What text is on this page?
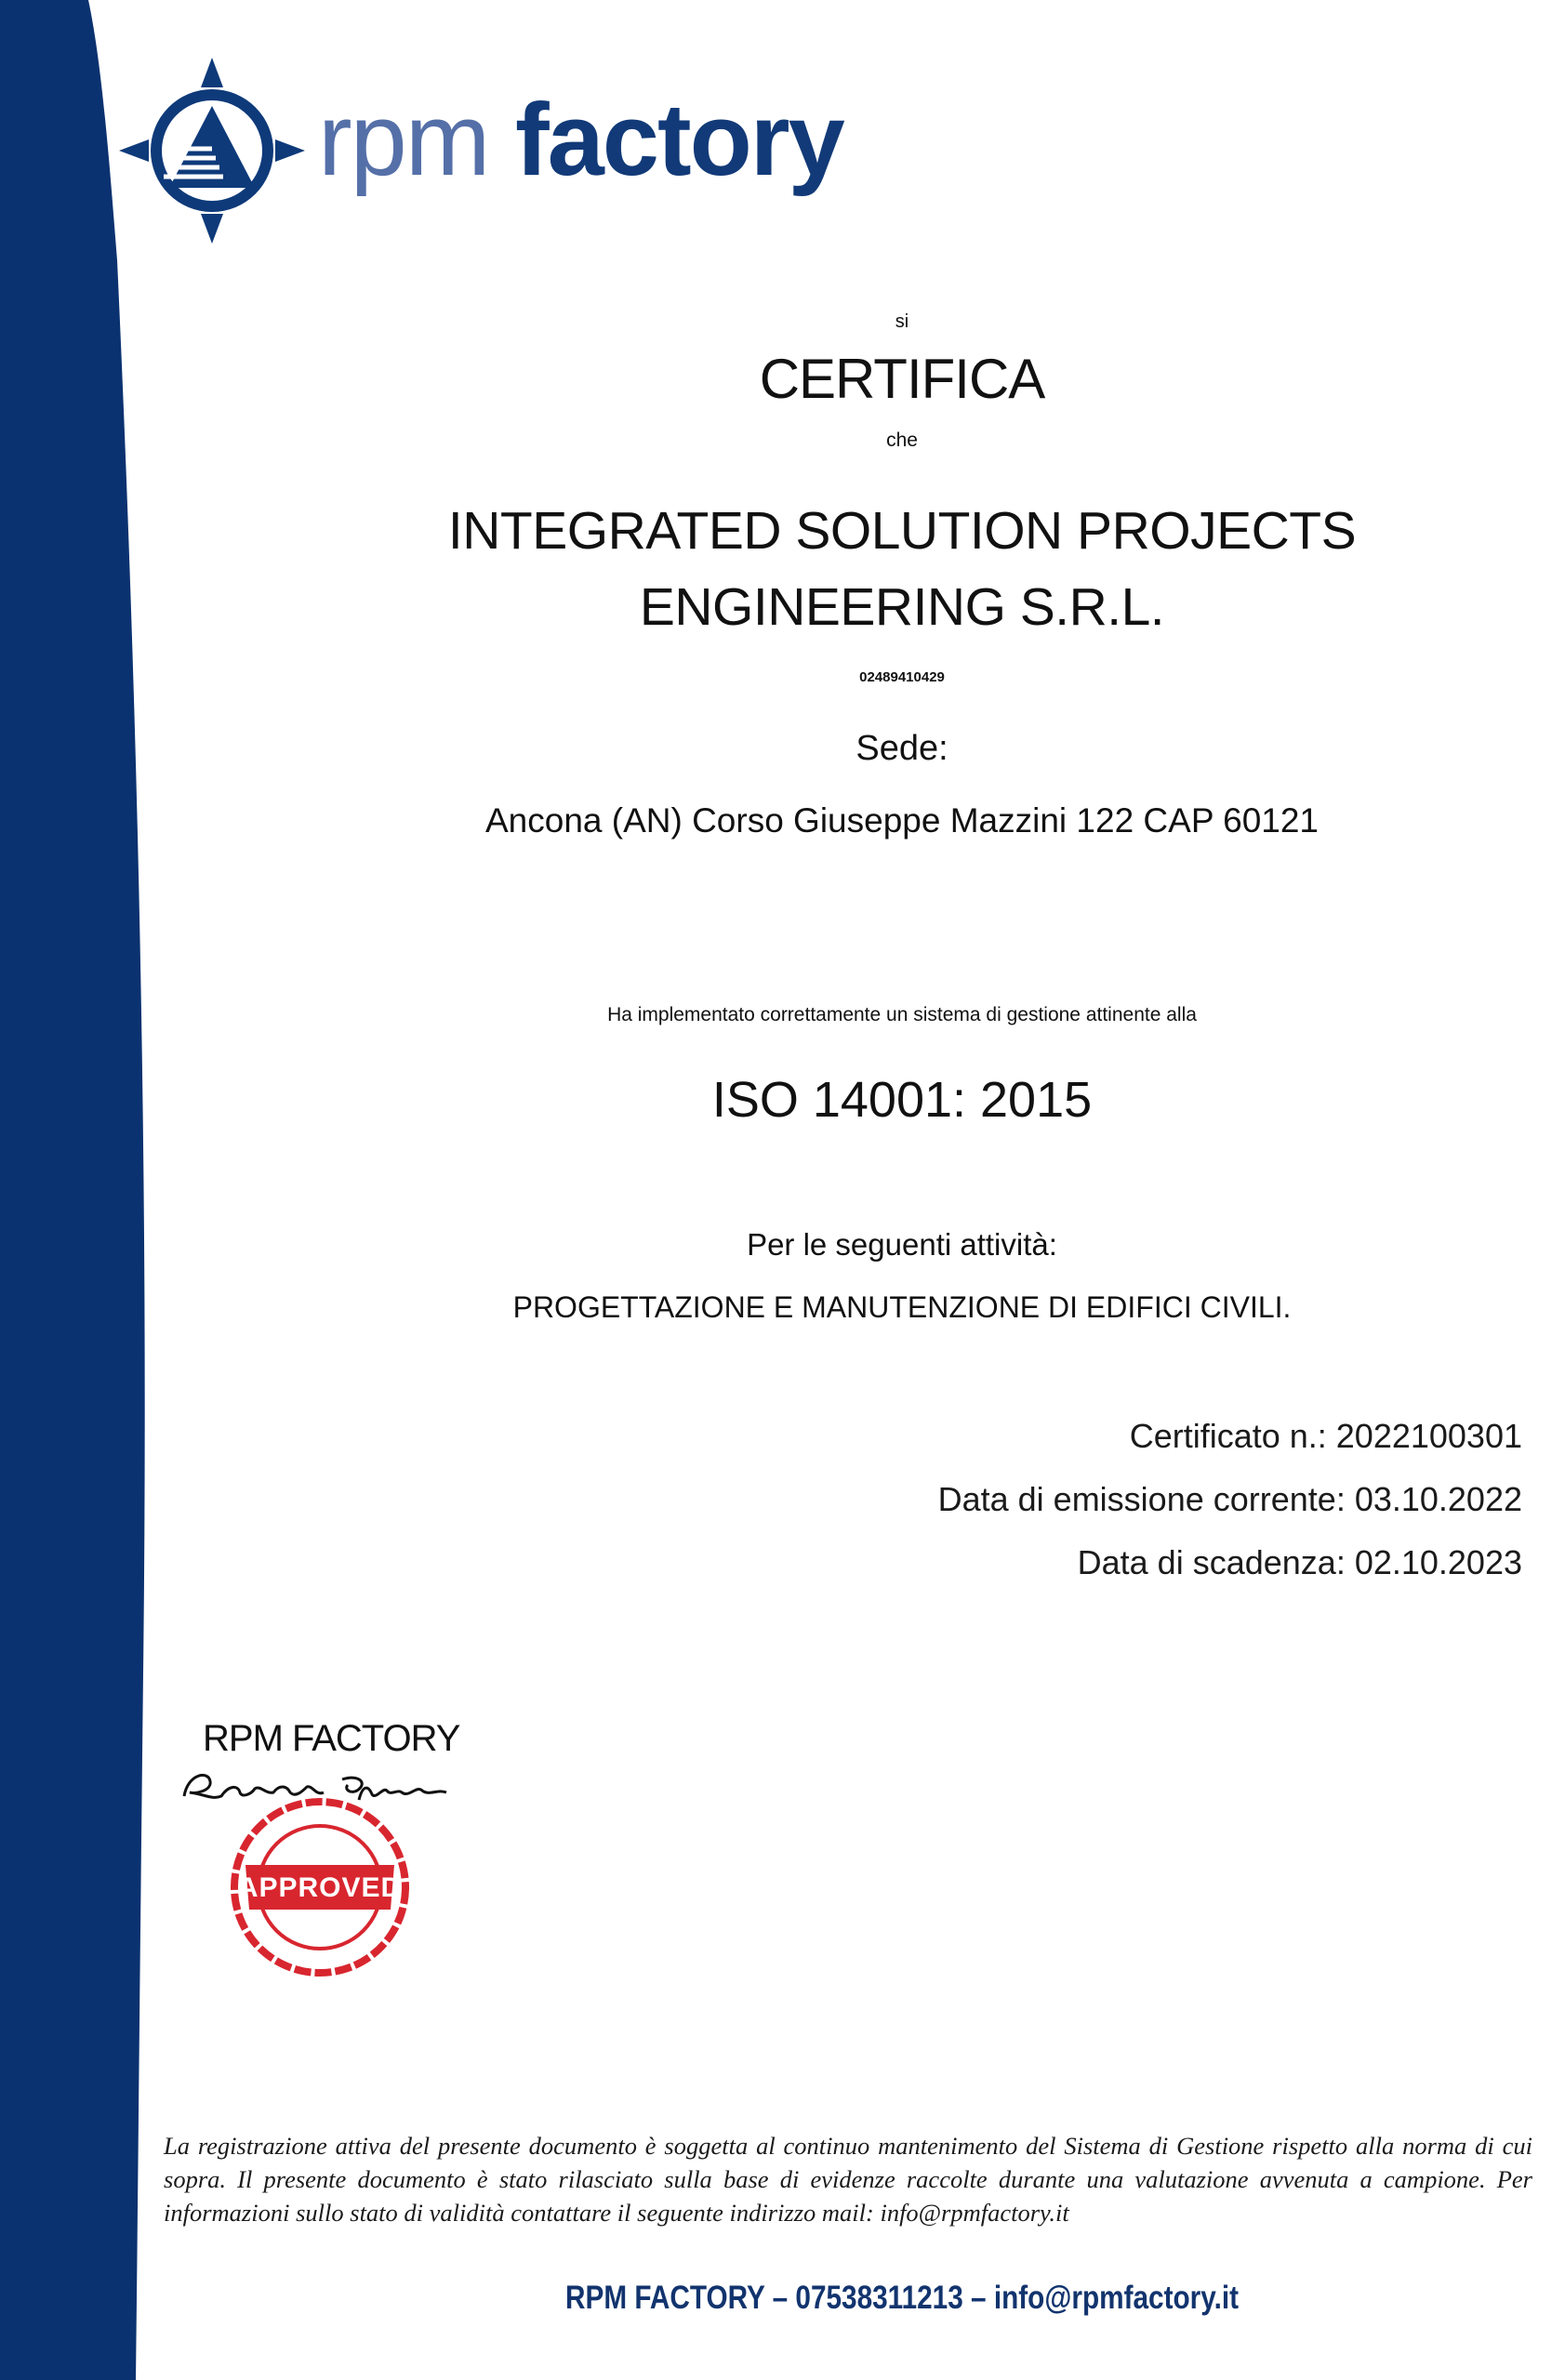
rpm factory
si
CERTIFICA
che
INTEGRATED SOLUTION PROJECTS
ENGINEERING S.R.L.
02489410429
Sede:
Ancona (AN) Corso Giuseppe Mazzini 122 CAP 60121
Ha implementato correttamente un sistema di gestione attinente alla
ISO 14001: 2015
Per le seguenti attività:
PROGETTAZIONE E MANUTENZIONE DI EDIFICI CIVILI.
Certificato n.: 2022100301
Data di emissione corrente: 03.10.2022
Data di scadenza: 02.10.2023
RPM FACTORY
APPROVED
La registrazione attiva del presente documento è soggetta al continuo mantenimento del Sistema di Gestione rispetto alla norma di cui sopra. Il presente documento è stato rilasciato sulla base di evidenze raccolte durante una valutazione avvenuta a campione. Per informazioni sullo stato di validità contattare il seguente indirizzo mail: info@rpmfactory.it
RPM FACTORY – 07538311213 – info@rpmfactory.it
